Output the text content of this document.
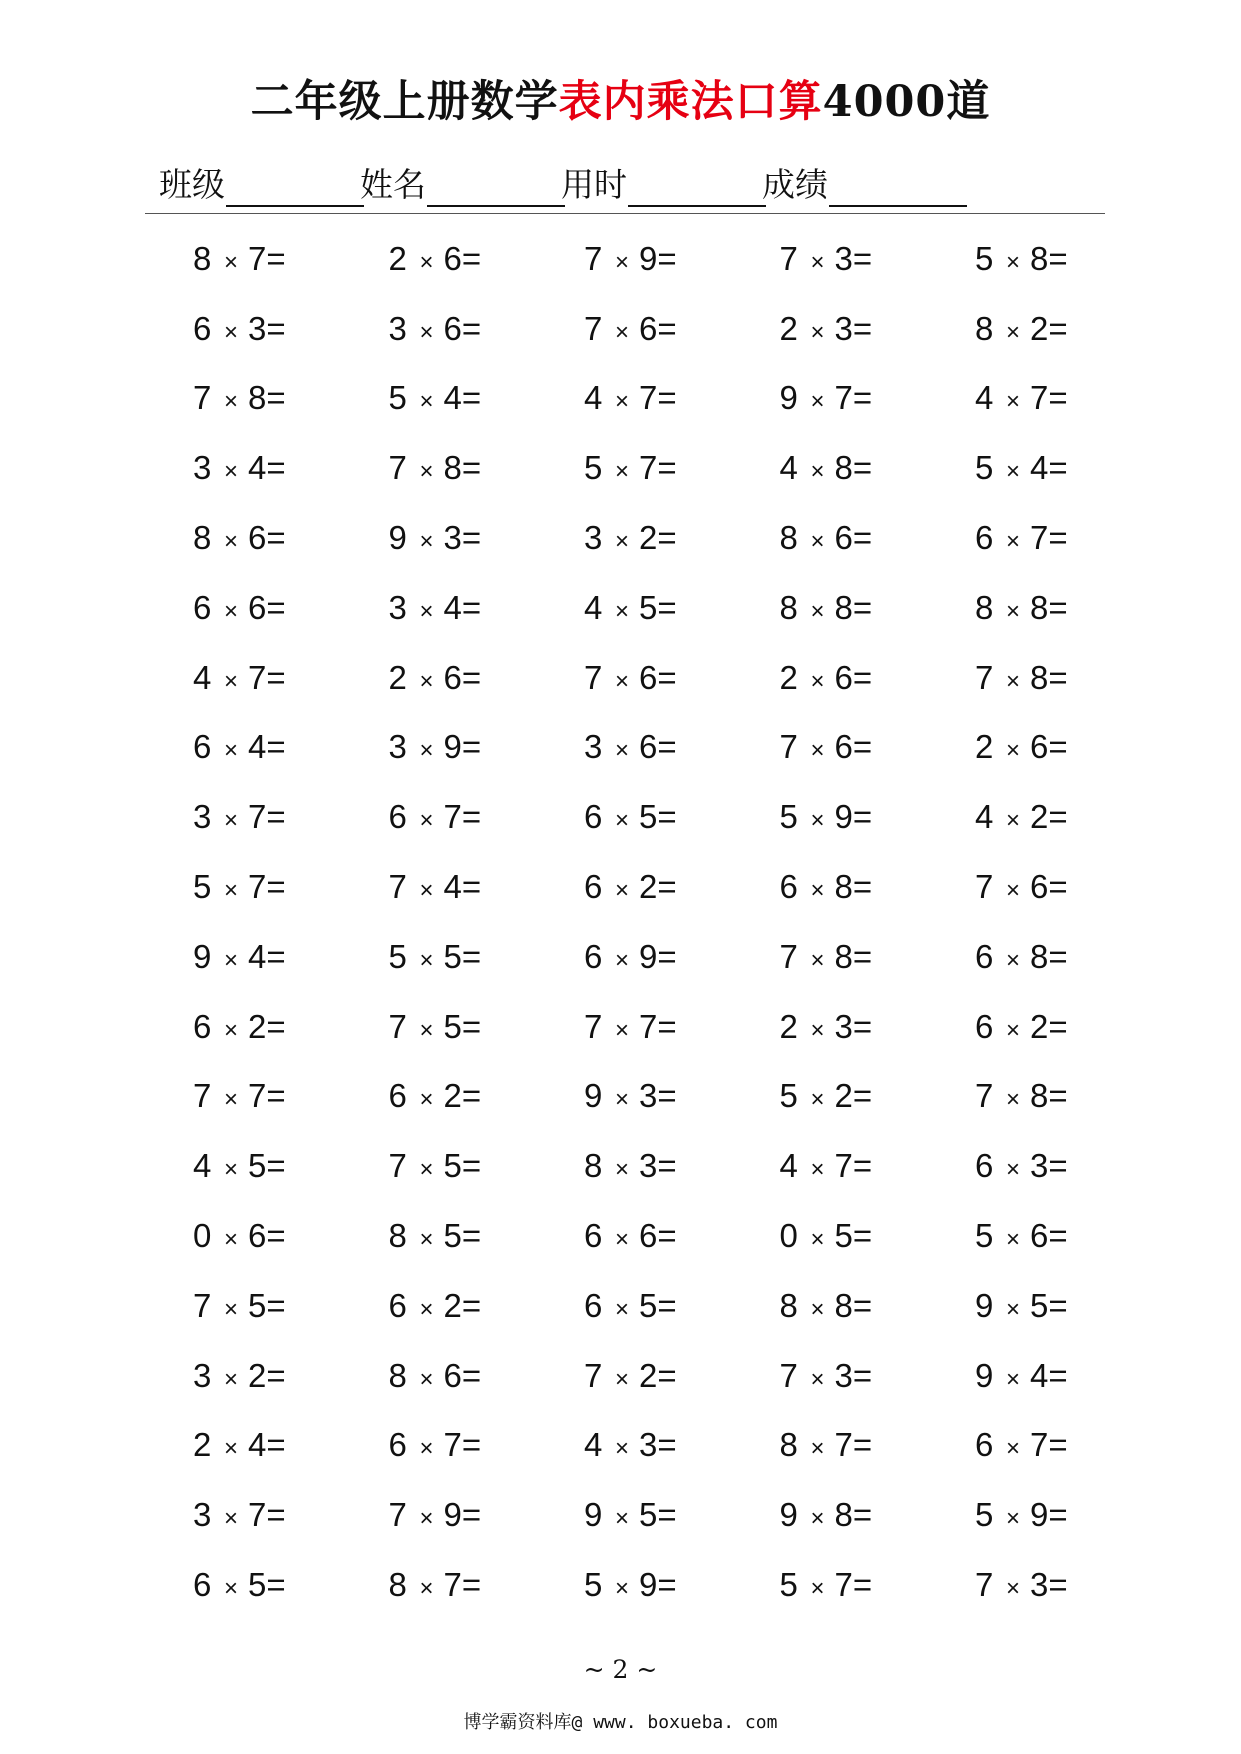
二年级上册数学表内乘法口算4000道
班级	姓名	用时	成绩
8 × 7=	2 × 6=	7 × 9=	7 × 3=	5 × 8=
6 × 3=	3 × 6=	7 × 6=	2 × 3=	8 × 2=
7 × 8=	5 × 4=	4 × 7=	9 × 7=	4 × 7=
3 × 4=	7 × 8=	5 × 7=	4 × 8=	5 × 4=
8 × 6=	9 × 3=	3 × 2=	8 × 6=	6 × 7=
6 × 6=	3 × 4=	4 × 5=	8 × 8=	8 × 8=
4 × 7=	2 × 6=	7 × 6=	2 × 6=	7 × 8=
6 × 4=	3 × 9=	3 × 6=	7 × 6=	2 × 6=
3 × 7=	6 × 7=	6 × 5=	5 × 9=	4 × 2=
5 × 7=	7 × 4=	6 × 2=	6 × 8=	7 × 6=
9 × 4=	5 × 5=	6 × 9=	7 × 8=	6 × 8=
6 × 2=	7 × 5=	7 × 7=	2 × 3=	6 × 2=
7 × 7=	6 × 2=	9 × 3=	5 × 2=	7 × 8=
4 × 5=	7 × 5=	8 × 3=	4 × 7=	6 × 3=
0 × 6=	8 × 5=	6 × 6=	0 × 5=	5 × 6=
7 × 5=	6 × 2=	6 × 5=	8 × 8=	9 × 5=
3 × 2=	8 × 6=	7 × 2=	7 × 3=	9 × 4=
2 × 4=	6 × 7=	4 × 3=	8 × 7=	6 × 7=
3 × 7=	7 × 9=	9 × 5=	9 × 8=	5 × 9=
6 × 5=	8 × 7=	5 × 9=	5 × 7=	7 × 3=
~ 2 ~
博学霸资料库@ www. boxueba. com
